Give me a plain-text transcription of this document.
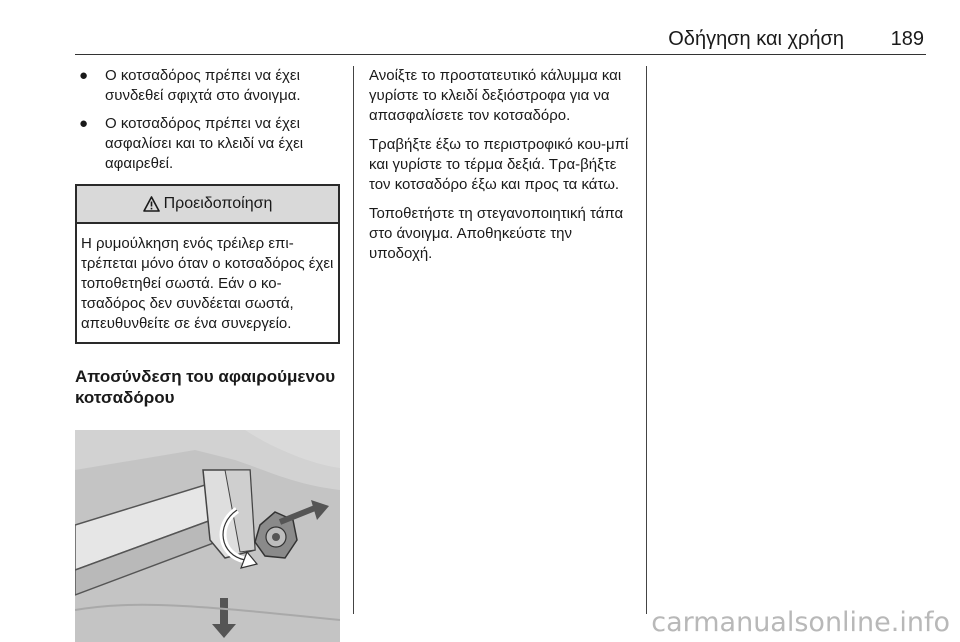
Οδήγηση και χρήση 189
● Ο κοτσαδόρος πρέπει να έχει συνδεθεί σφιχτά στο άνοιγμα.
● Ο κοτσαδόρος πρέπει να έχει ασφαλίσει και το κλειδί να έχει αφαιρεθεί.
Προειδοποίηση
Η ρυμούλκηση ενός τρέιλερ επι-τρέπεται μόνο όταν ο κοτσαδόρος έχει τοποθετηθεί σωστά. Εάν ο κο-τσαδόρος δεν συνδέεται σωστά, απευθυνθείτε σε ένα συνεργείο.
Αποσύνδεση του αφαιρούμενου κοτσαδόρου

Ανοίξτε το προστατευτικό κάλυμμα και γυρίστε το κλειδί δεξιόστροφα για να απασφαλίσετε τον κοτσαδόρο.

Τραβήξτε έξω το περιστροφικό κου-μπί και γυρίστε το τέρμα δεξιά. Τρα-βήξτε τον κοτσαδόρο έξω και προς τα κάτω.

Τοποθετήστε τη στεγανοποιητική τάπα στο άνοιγμα. Αποθηκεύστε την υποδοχή.

carmanualsonline.info
